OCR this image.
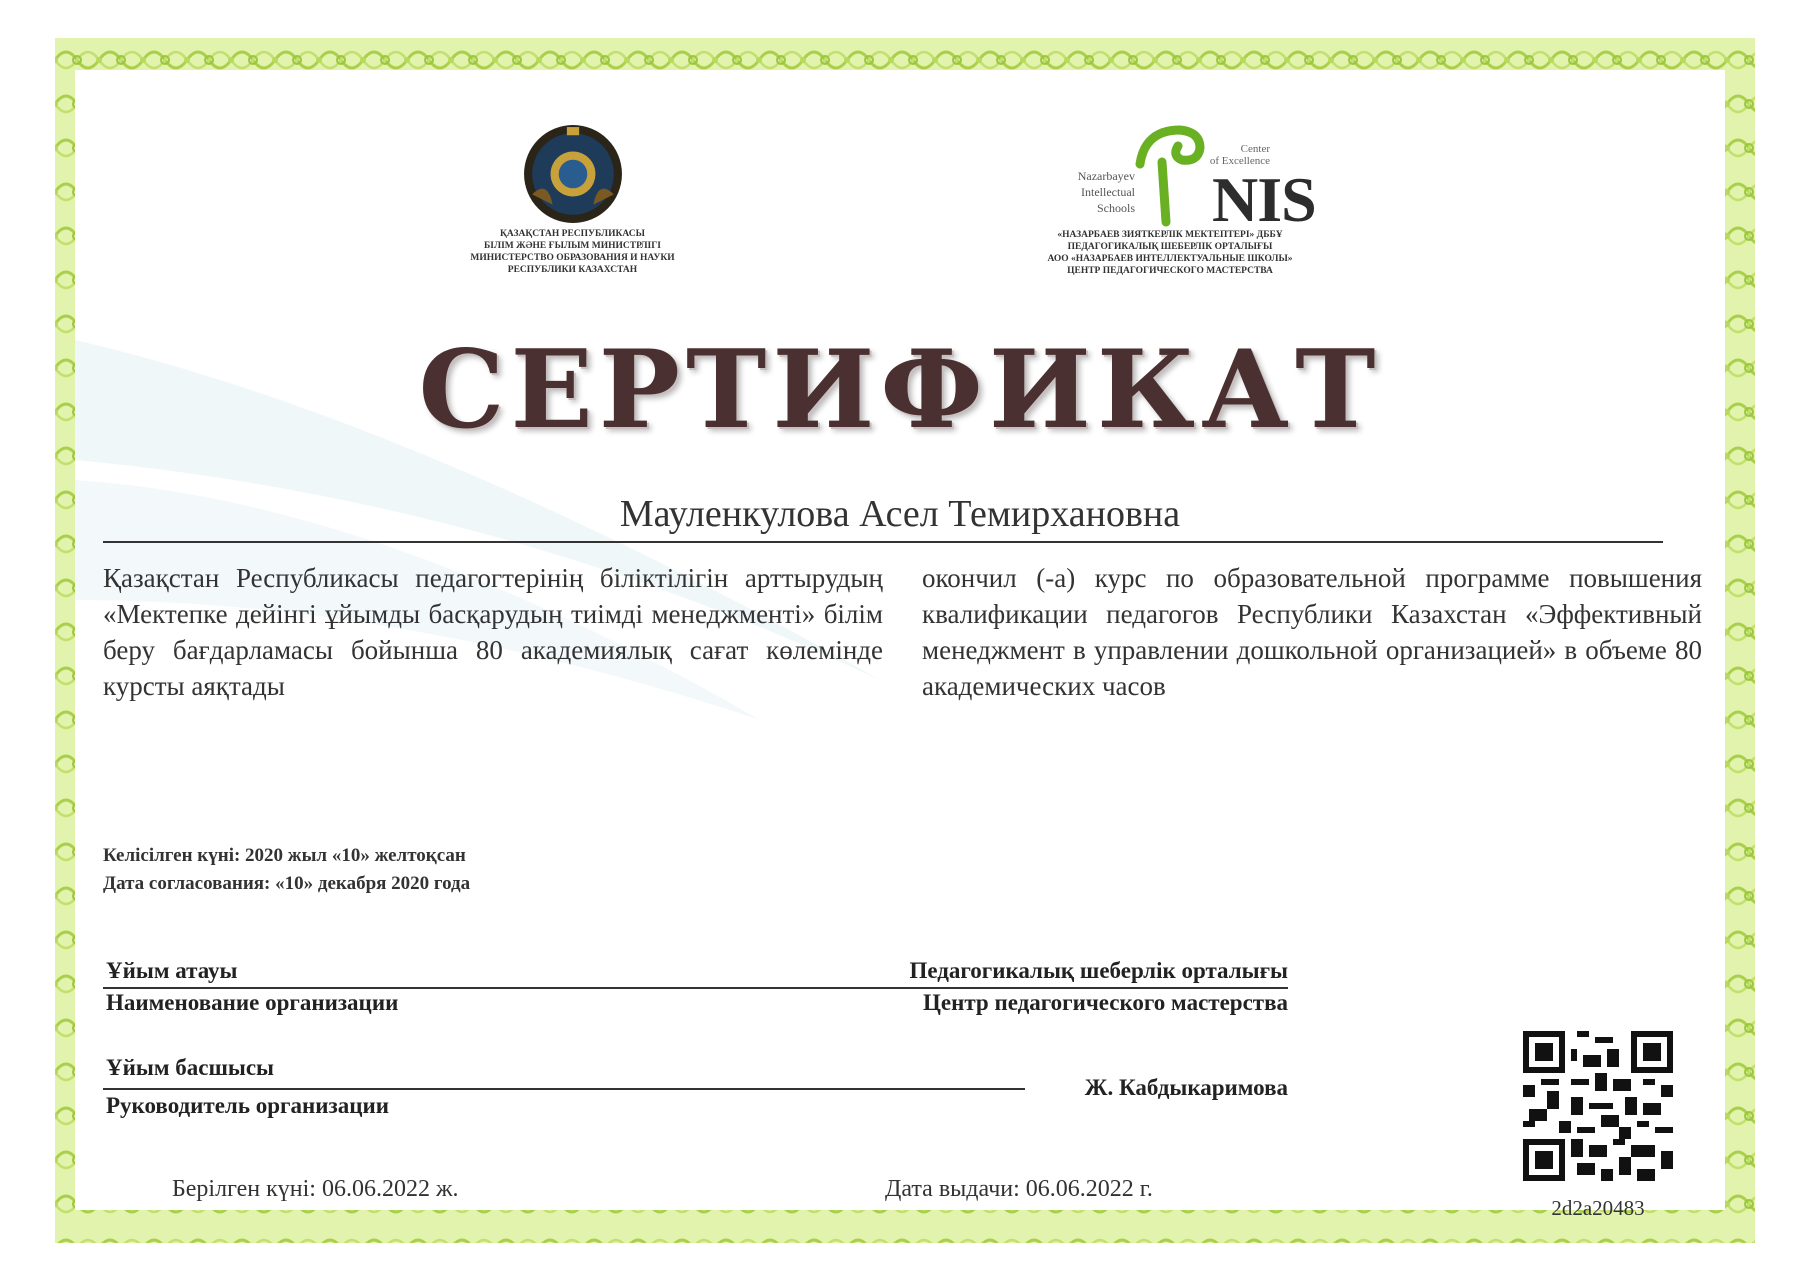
ҚАЗАҚСТАН РЕСПУБЛИКАСЫ
БІЛІМ ЖӘНЕ ҒЫЛЫМ МИНИСТРЛІГІ
МИНИСТЕРСТВО ОБРАЗОВАНИЯ И НАУКИ
РЕСПУБЛИКИ КАЗАХСТАН
Center
of Excellence
Nazarbayev
Intellectual
Schools NIS
«НАЗАРБАЕВ ЗИЯТКЕРЛІК МЕКТЕПТЕРІ» ДББҰ
ПЕДАГОГИКАЛЫҚ ШЕБЕРЛІК ОРТАЛЫҒЫ
АОО «НАЗАРБАЕВ ИНТЕЛЛЕКТУАЛЬНЫЕ ШКОЛЫ»
ЦЕНТР ПЕДАГОГИЧЕСКОГО МАСТЕРСТВА
СЕРТИФИКАТ
Мауленкулова Асел Темирхановна
Қазақстан Республикасы педагогтерінің біліктілігін арттырудың «Мектепке дейінгі ұйымды басқарудың тиімді менеджменті» білім беру бағдарламасы бойынша 80 академиялық сағат көлемінде курсты аяқтады
окончил (-а) курс по образовательной программе повышения квалификации педагогов Республики Казахстан «Эффективный менеджмент в управлении дошкольной организацией» в объеме 80 академических часов
Келісілген күні: 2020 жыл «10» желтоқсан
Дата согласования: «10» декабря 2020 года
Ұйым атауы	Педагогикалық шеберлік орталығы
Наименование организации	Центр педагогического мастерства
Ұйым басшысы
Руководитель организации
Ж. Кабдыкаримова
Берілген күні: 06.06.2022 ж.	Дата выдачи: 06.06.2022 г.
2d2a20483
